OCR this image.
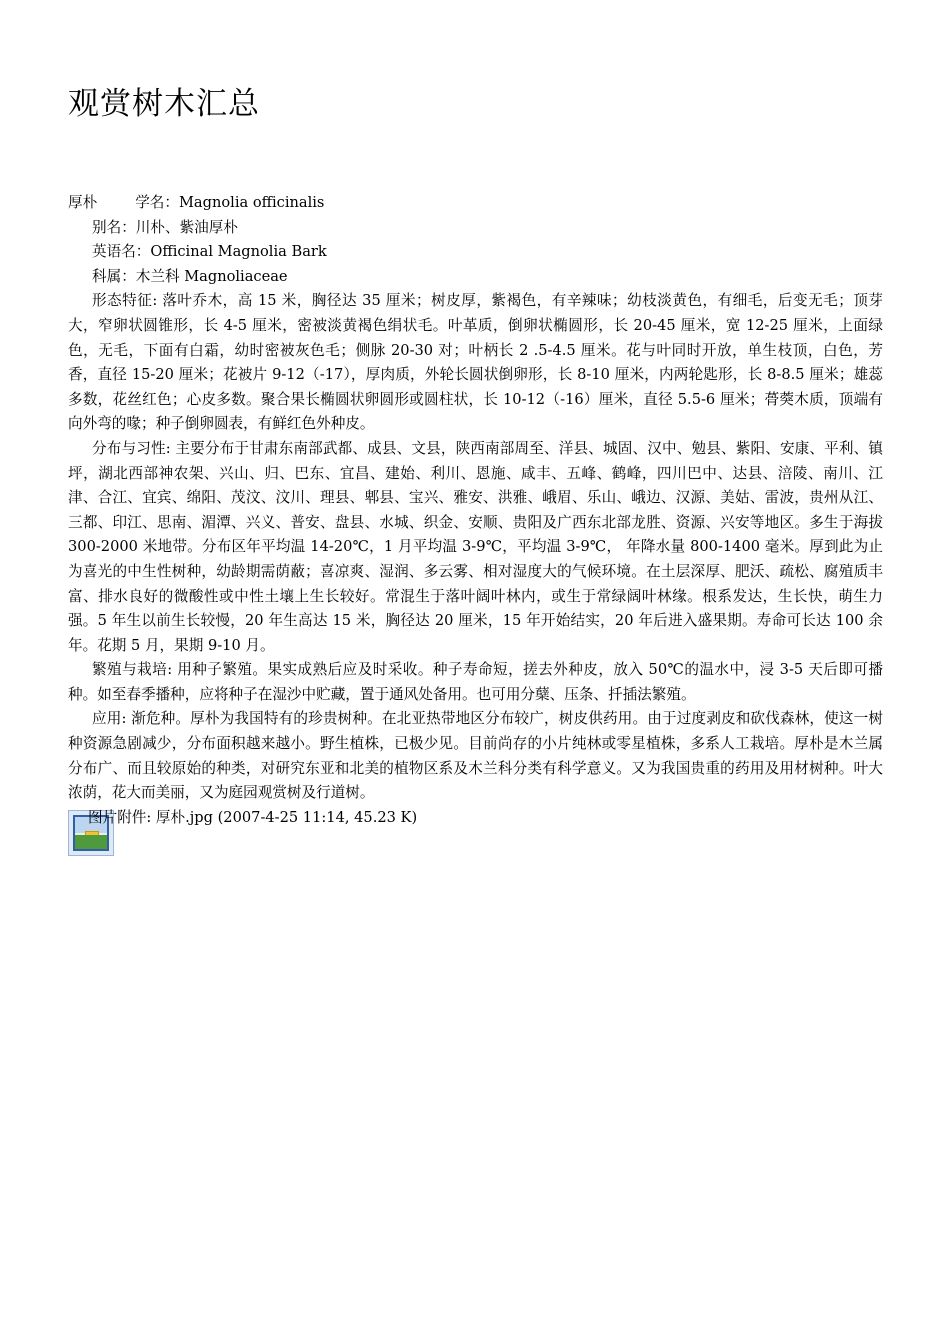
观赏树木汇总
厚朴	学名：Magnolia officinalis
别名：川朴、紫油厚朴
英语名：Officinal Magnolia Bark
科属：木兰科 Magnoliaceae

形态特征: 落叶乔木，高 15 米，胸径达 35 厘米；树皮厚，紫褐色，有辛辣味；幼枝淡黄色，有细毛，后变无毛；顶芽大，窄卵状圆锥形，长 4-5 厘米，密被淡黄褐色绢状毛。叶革质，倒卵状椭圆形，长 20-45 厘米，宽 12-25 厘米，上面绿色，无毛，下面有白霜，幼时密被灰色毛；侧脉 20-30 对；叶柄长 2 .5-4.5 厘米。花与叶同时开放，单生枝顶，白色，芳香，直径 15-20 厘米；花被片 9-12（-17），厚肉质，外轮长圆状倒卵形，长 8-10 厘米，内两轮匙形，长 8-8.5 厘米；雄蕊多数，花丝红色；心皮多数。聚合果长椭圆状卵圆形或圆柱状，长 10-12（-16）厘米，直径 5.5-6 厘米；蓇葖木质，顶端有向外弯的喙；种子倒卵圆表，有鲜红色外种皮。

分布与习性: 主要分布于甘肃东南部武都、成县、文县，陕西南部周至、洋县、城固、汉中、勉县、紫阳、安康、平利、镇坪，湖北西部神农架、兴山、归、巴东、宜昌、建始、利川、恩施、咸丰、五峰、鹤峰，四川巴中、达县、涪陵、南川、江津、合江、宜宾、绵阳、茂汶、汶川、理县、郫县、宝兴、雅安、洪雅、峨眉、乐山、峨边、汉源、美姑、雷波，贵州从江、三都、印江、思南、湄潭、兴义、普安、盘县、水城、织金、安顺、贵阳及广西东北部龙胜、资源、兴安等地区。多生于海拔 300-2000 米地带。分布区年平均温 14-20℃，1 月平均温 3-9℃，平均温 3-9℃， 年降水量 800-1400 毫米。厚到此为止为喜光的中生性树种，幼龄期需荫蔽；喜凉爽、湿润、多云雾、相对湿度大的气候环境。在土层深厚、肥沃、疏松、腐殖质丰富、排水良好的微酸性或中性土壤上生长较好。常混生于落叶阔叶林内，或生于常绿阔叶林缘。根系发达，生长快，萌生力强。5 年生以前生长较慢，20 年生高达 15 米，胸径达 20 厘米，15 年开始结实，20 年后进入盛果期。寿命可长达 100 余年。花期 5 月，果期 9-10 月。

繁殖与栽培: 用种子繁殖。果实成熟后应及时采收。种子寿命短，搓去外种皮，放入 50℃的温水中，浸 3-5 天后即可播种。如至春季播种，应将种子在湿沙中贮藏，置于通风处备用。也可用分蘖、压条、扦插法繁殖。

应用: 渐危种。厚朴为我国特有的珍贵树种。在北亚热带地区分布较广，树皮供药用。由于过度剥皮和砍伐森林，使这一树种资源急剧减少，分布面积越来越小。野生植株，已极少见。目前尚存的小片纯林或零星植株，多系人工栽培。厚朴是木兰属分布广、而且较原始的种类，对研究东亚和北美的植物区系及木兰科分类有科学意义。又为我国贵重的药用及用材树种。叶大浓荫，花大而美丽，又为庭园观赏树及行道树。

图片附件: 厚朴.jpg (2007-4-25 11:14, 45.23 K)
